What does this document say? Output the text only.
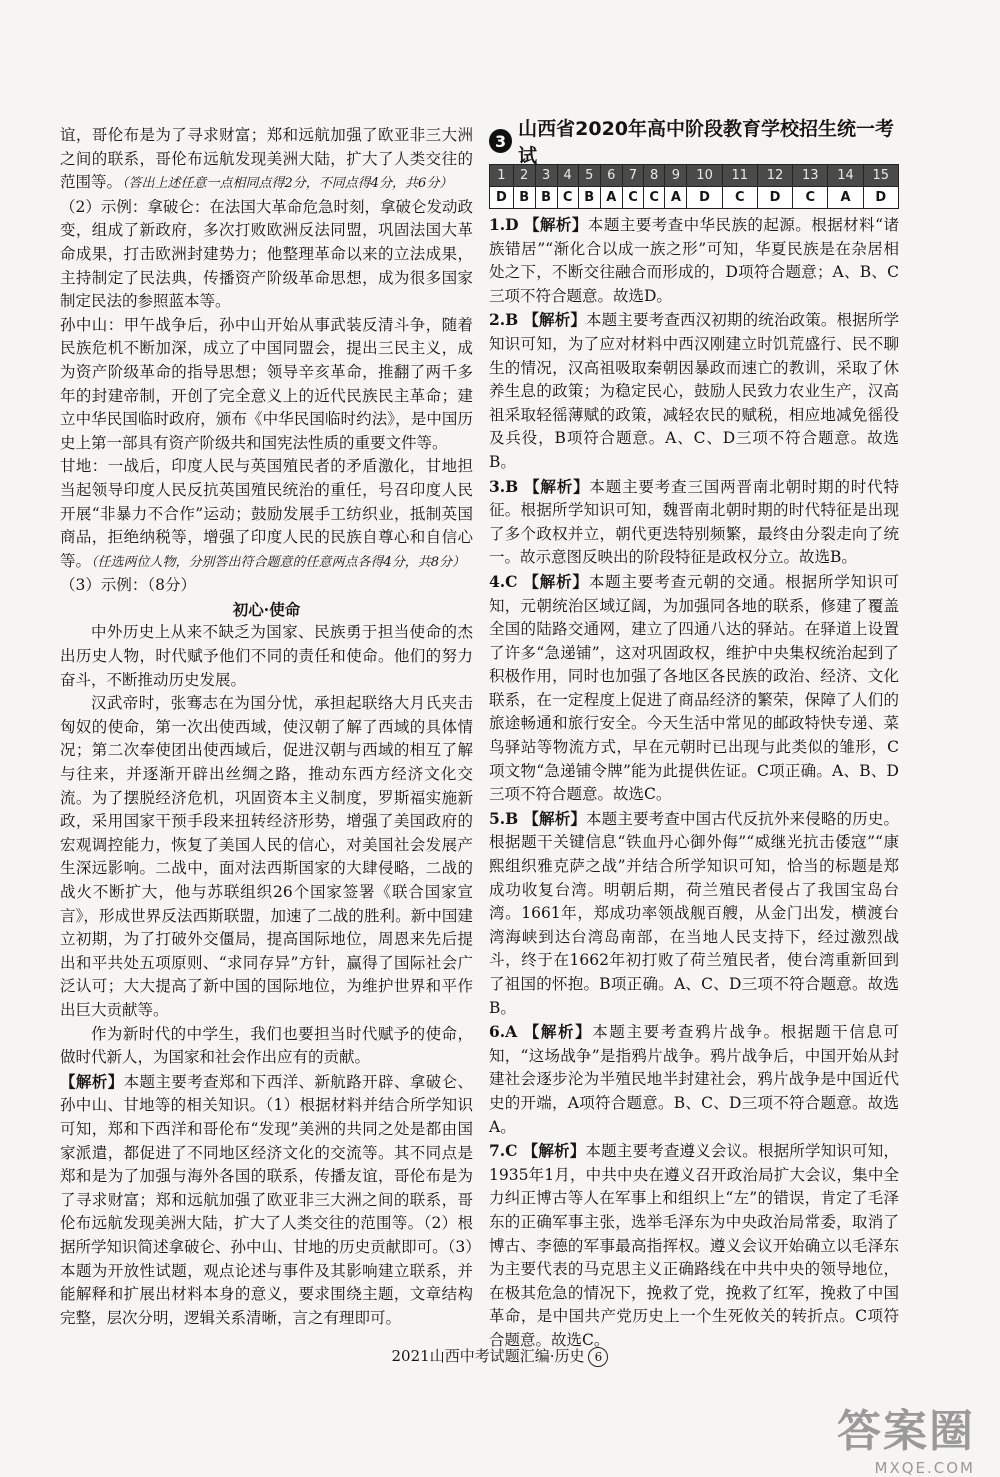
谊，哥伦布是为了寻求财富；郑和远航加强了欧亚非三大洲之间的联系，哥伦布远航发现美洲大陆，扩大了人类交往的范围等。（答出上述任意一点相同点得2分，不同点得4分，共6分）

（2）示例：拿破仑：在法国大革命危急时刻，拿破仑发动政变，组成了新政府，多次打败欧洲反法同盟，巩固法国大革命成果，打击欧洲封建势力；他整理革命以来的立法成果，主持制定了民法典，传播资产阶级革命思想，成为很多国家制定民法的参照蓝本等。

孙中山：甲午战争后，孙中山开始从事武装反清斗争，随着民族危机不断加深，成立了中国同盟会，提出三民主义，成为资产阶级革命的指导思想；领导辛亥革命，推翻了两千多年的封建帝制，开创了完全意义上的近代民族民主革命；建立中华民国临时政府，颁布《中华民国临时约法》，是中国历史上第一部具有资产阶级共和国宪法性质的重要文件等。

甘地：一战后，印度人民与英国殖民者的矛盾激化，甘地担当起领导印度人民反抗英国殖民统治的重任，号召印度人民开展“非暴力不合作”运动；鼓励发展手工纺织业，抵制英国商品，拒绝纳税等，增强了印度人民的民族自尊心和自信心等。（任选两位人物，分别答出符合题意的任意两点各得4分，共8分）

（3）示例：（8分）

初心·使命

中外历史上从来不缺乏为国家、民族勇于担当使命的杰出历史人物，时代赋予他们不同的责任和使命。他们的努力奋斗，不断推动历史发展。

汉武帝时，张骞志在为国分忧，承担起联络大月氏夹击匈奴的使命，第一次出使西域，使汉朝了解了西域的具体情况；第二次奉使团出使西域后，促进汉朝与西域的相互了解与往来，并逐渐开辟出丝绸之路，推动东西方经济文化交流。为了摆脱经济危机，巩固资本主义制度，罗斯福实施新政，采用国家干预手段来扭转经济形势，增强了美国政府的宏观调控能力，恢复了美国人民的信心，对美国社会发展产生深远影响。二战中，面对法西斯国家的大肆侵略，二战的战火不断扩大，他与苏联组织26个国家签署《联合国家宣言》，形成世界反法西斯联盟，加速了二战的胜利。新中国建立初期，为了打破外交僵局，提高国际地位，周恩来先后提出和平共处五项原则、“求同存异”方针，赢得了国际社会广泛认可；大大提高了新中国的国际地位，为维护世界和平作出巨大贡献等。

作为新时代的中学生，我们也要担当时代赋予的使命，做时代新人，为国家和社会作出应有的贡献。

【解析】本题主要考查郑和下西洋、新航路开辟、拿破仑、孙中山、甘地等的相关知识。（1）根据材料并结合所学知识可知，郑和下西洋和哥伦布“发现”美洲的共同之处是都由国家派遣，都促进了不同地区经济文化的交流等。其不同点是郑和是为了加强与海外各国的联系，传播友谊，哥伦布是为了寻求财富；郑和远航加强了欧亚非三大洲之间的联系，哥伦布远航发现美洲大陆，扩大了人类交往的范围等。（2）根据所学知识简述拿破仑、孙中山、甘地的历史贡献即可。（3）本题为开放性试题，观点论述与事件及其影响建立联系，并能解释和扩展出材料本身的意义，要求围绕主题，文章结构完整，层次分明，逻辑关系清晰，言之有理即可。

3
山西省2020年高中阶段教育学校招生统一考试
1	2	3	4	5	6	7	8	9	10	11	12	13	14	15
D	B	B	C	B	A	C	C	A	D	C	D	C	A	D

1.D 【解析】本题主要考查中华民族的起源。根据材料“诸族错居”“渐化合以成一族之形”可知，华夏民族是在杂居相处之下，不断交往融合而形成的，D项符合题意；A、B、C三项不符合题意。故选D。

2.B 【解析】本题主要考查西汉初期的统治政策。根据所学知识可知，为了应对材料中西汉刚建立时饥荒盛行、民不聊生的情况，汉高祖吸取秦朝因暴政而速亡的教训，采取了休养生息的政策；为稳定民心，鼓励人民致力农业生产，汉高祖采取轻徭薄赋的政策，减轻农民的赋税，相应地减免徭役及兵役，B项符合题意。A、C、D三项不符合题意。故选B。

3.B 【解析】本题主要考查三国两晋南北朝时期的时代特征。根据所学知识可知，魏晋南北朝时期的时代特征是出现了多个政权并立，朝代更迭特别频繁，最终由分裂走向了统一。故示意图反映出的阶段特征是政权分立。故选B。

4.C 【解析】本题主要考查元朝的交通。根据所学知识可知，元朝统治区域辽阔，为加强同各地的联系，修建了覆盖全国的陆路交通网，建立了四通八达的驿站。在驿道上设置了许多“急递铺”，这对巩固政权，维护中央集权统治起到了积极作用，同时也加强了各地区各民族的政治、经济、文化联系，在一定程度上促进了商品经济的繁荣，保障了人们的旅途畅通和旅行安全。今天生活中常见的邮政特快专递、菜鸟驿站等物流方式，早在元朝时已出现与此类似的雏形，C项文物“急递铺令牌”能为此提供佐证。C项正确。A、B、D三项不符合题意。故选C。

5.B 【解析】本题主要考查中国古代反抗外来侵略的历史。根据题干关键信息“铁血丹心御外侮”“威继光抗击倭寇”“康熙组织雅克萨之战”并结合所学知识可知，恰当的标题是郑成功收复台湾。明朝后期，荷兰殖民者侵占了我国宝岛台湾。1661年，郑成功率领战舰百艘，从金门出发，横渡台湾海峡到达台湾岛南部，在当地人民支持下，经过激烈战斗，终于在1662年初打败了荷兰殖民者，使台湾重新回到了祖国的怀抱。B项正确。A、C、D三项不符合题意。故选B。

6.A 【解析】本题主要考查鸦片战争。根据题干信息可知，“这场战争”是指鸦片战争。鸦片战争后，中国开始从封建社会逐步沦为半殖民地半封建社会，鸦片战争是中国近代史的开端，A项符合题意。B、C、D三项不符合题意。故选A。

7.C 【解析】本题主要考查遵义会议。根据所学知识可知，1935年1月，中共中央在遵义召开政治局扩大会议，集中全力纠正博古等人在军事上和组织上“左”的错误，肯定了毛泽东的正确军事主张，选举毛泽东为中央政治局常委，取消了博古、李德的军事最高指挥权。遵义会议开始确立以毛泽东为主要代表的马克思主义正确路线在中共中央的领导地位，在极其危急的情况下，挽救了党，挽救了红军，挽救了中国革命，是中国共产党历史上一个生死攸关的转折点。C项符合题意。故选C。

2021山西中考试题汇编·历史 6
答案圈
MXQE.COM
